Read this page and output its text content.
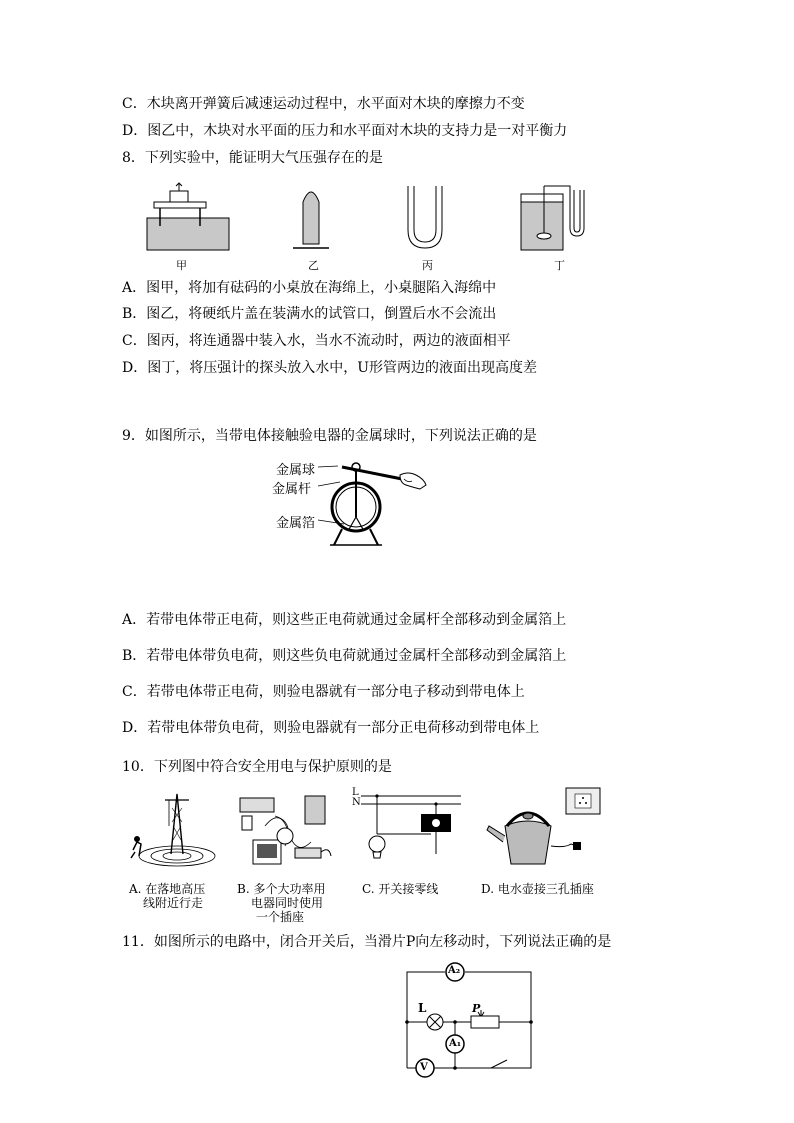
C．木块离开弹簧后减速运动过程中，水平面对木块的摩擦力不变
D．图乙中，木块对水平面的压力和水平面对木块的支持力是一对平衡力
8．下列实验中，能证明大气压强存在的是
甲	乙	丙	丁
A．图甲，将加有砝码的小桌放在海绵上，小桌腿陷入海绵中
B．图乙，将硬纸片盖在装满水的试管口，倒置后水不会流出
C．图丙，将连通器中装入水，当水不流动时，两边的液面相平
D．图丁，将压强计的探头放入水中，U形管两边的液面出现高度差
9．如图所示，当带电体接触验电器的金属球时，下列说法正确的是
金属球
金属杆
金属箔
A．若带电体带正电荷，则这些正电荷就通过金属杆全部移动到金属箔上
B．若带电体带负电荷，则这些负电荷就通过金属杆全部移动到金属箔上
C．若带电体带正电荷，则验电器就有一部分电子移动到带电体上
D．若带电体带负电荷，则验电器就有一部分正电荷移动到带电体上
10．下列图中符合安全用电与保护原则的是
L
N
A. 在落地高压
线附近行走
B. 多个大功率用
电器同时使用
一个插座
C. 开关接零线	D. 电水壶接三孔插座
11．如图所示的电路中，闭合开关后，当滑片P向左移动时，下列说法正确的是
A₂
L	P
A₁
V
